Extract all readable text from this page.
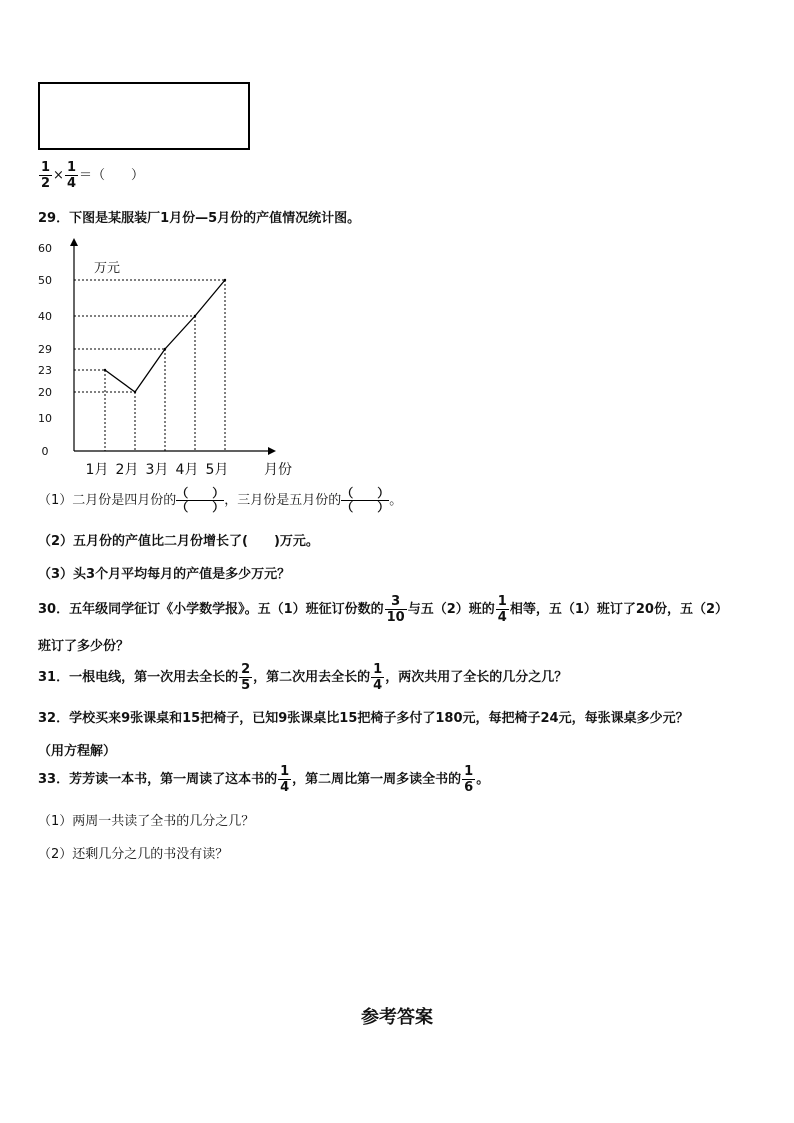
$\frac{1}{2} \times \frac{1}{4}$ ＝（　　）
29．下图是某服装厂1月份—5月份的产值情况统计图。
0
10
20
23
29
40
50
60
万元
1月 2月 3月 4月 5月	月份
（1）二月份是四月份的
（　　）
（　　） ，三月份是五月份的
（　　）
（　　） 。
（2）五月份的产值比二月份增长了(　　)万元。
（3）头3个月平均每月的产值是多少万元？
30．五年级同学征订《小学数学报》。五（1）班征订份数的 $\frac{3}{10}$ 与五（2）班的 $\frac{1}{4}$ 相等，五（1）班订了20份，五（2）
班订了多少份？
31．一根电线，第一次用去全长的 $\frac{2}{5}$ ，第二次用去全长的 $\frac{1}{4}$ ，两次共用了全长的几分之几？
32．学校买来9张课桌和15把椅子，已知9张课桌比15把椅子多付了180元，每把椅子24元，每张课桌多少元？
（用方程解）
33．芳芳读一本书，第一周读了这本书的 $\frac{1}{4}$ ，第二周比第一周多读全书的 $\frac{1}{6}$ 。
（1）两周一共读了全书的几分之几？
（2）还剩几分之几的书没有读？
参考答案
